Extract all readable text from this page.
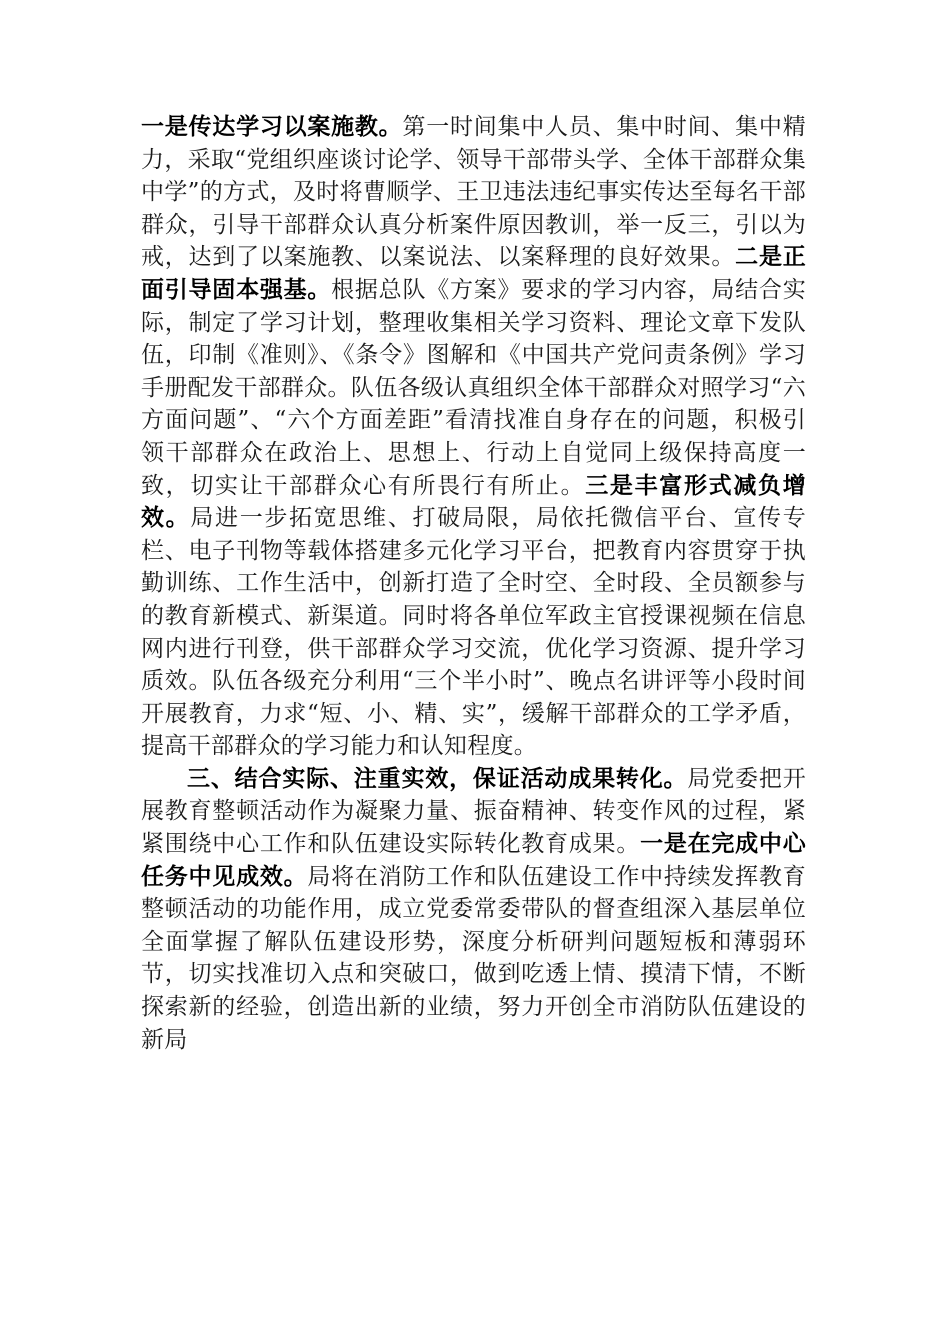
一是传达学习以案施教。第一时间集中人员、集中时间、集中精力，采取“党组织座谈讨论学、领导干部带头学、全体干部群众集中学”的方式，及时将曹顺学、王卫违法违纪事实传达至每名干部群众，引导干部群众认真分析案件原因教训，举一反三，引以为戒，达到了以案施教、以案说法、以案释理的良好效果。二是正面引导固本强基。根据总队《方案》要求的学习内容，局结合实际，制定了学习计划，整理收集相关学习资料、理论文章下发队伍，印制《准则》、《条令》图解和《中国共产党问责条例》学习手册配发干部群众。队伍各级认真组织全体干部群众对照学习“六方面问题”、“六个方面差距”看清找准自身存在的问题，积极引领干部群众在政治上、思想上、行动上自觉同上级保持高度一致，切实让干部群众心有所畏行有所止。三是丰富形式减负增效。局进一步拓宽思维、打破局限，局依托微信平台、宣传专栏、电子刊物等载体搭建多元化学习平台，把教育内容贯穿于执勤训练、工作生活中，创新打造了全时空、全时段、全员额参与的教育新模式、新渠道。同时将各单位军政主官授课视频在信息网内进行刊登，供干部群众学习交流，优化学习资源、提升学习质效。队伍各级充分利用“三个半小时”、晚点名讲评等小段时间开展教育，力求“短、小、精、实”，缓解干部群众的工学矛盾，提高干部群众的学习能力和认知程度。

三、结合实际、注重实效，保证活动成果转化。局党委把开展教育整顿活动作为凝聚力量、振奋精神、转变作风的过程，紧紧围绕中心工作和队伍建设实际转化教育成果。一是在完成中心任务中见成效。局将在消防工作和队伍建设工作中持续发挥教育整顿活动的功能作用，成立党委常委带队的督查组深入基层单位全面掌握了解队伍建设形势，深度分析研判问题短板和薄弱环节，切实找准切入点和突破口，做到吃透上情、摸清下情，不断探索新的经验，创造出新的业绩，努力开创全市消防队伍建设的新局
